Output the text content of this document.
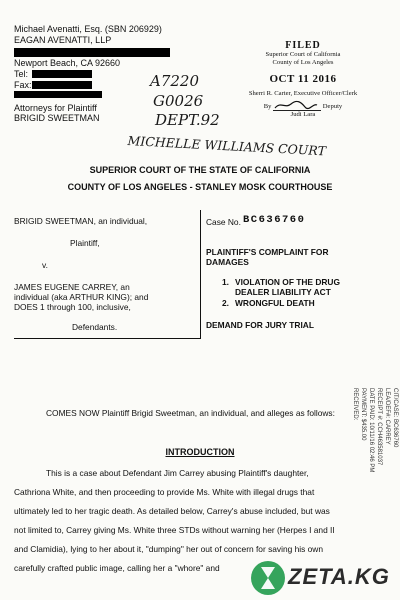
Michael Avenatti, Esq. (SBN 206929)
EAGAN AVENATTI, LLP
Newport Beach, CA 92660
Tel:
Fax:
Attorneys for Plaintiff
BRIGID SWEETMAN
A7220
G0026
DEPT.92
MICHELLE WILLIAMS COURT
FILED
Superior Court of California
County of Los Angeles
OCT 11 2016
Sherri R. Carter, Executive Officer/Clerk
By	Deputy
Judi Lara
SUPERIOR COURT OF THE STATE OF CALIFORNIA
COUNTY OF LOS ANGELES - STANLEY MOSK COURTHOUSE
BRIGID SWEETMAN, an individual,
Plaintiff,
v.
JAMES EUGENE CARREY, an
individual (aka ARTHUR KING); and
DOES 1 through 100, inclusive,
Defendants.
Case No. BC636760
PLAINTIFF'S COMPLAINT FOR
DAMAGES
1. VIOLATION OF THE DRUG
DEALER LIABILITY ACT
2. WRONGFUL DEATH
DEMAND FOR JURY TRIAL
COMES NOW Plaintiff Brigid Sweetman, an individual, and alleges as follows:
INTRODUCTION
This is a case about Defendant Jim Carrey abusing Plaintiff's daughter,
Cathriona White, and then proceeding to provide Ms. White with illegal drugs that
ultimately led to her tragic death. As detailed below, Carrey's abuse included, but was
not limited to, Carrey giving Ms. White three STDs without warning her (Herpes I and II
and Clamidia), lying to her about it, "dumping" her out of concern for saving his own
carefully crafted public image, calling her a "whore" and
CIT/CASE: BC636760
LEA/DEF#: CARREY
RECEIPT #: CCH463581037
DATE PAID: 10/11/16 02:46 PM
PAYMENT: $435.00
RECEIVED:
ZETA.KG
